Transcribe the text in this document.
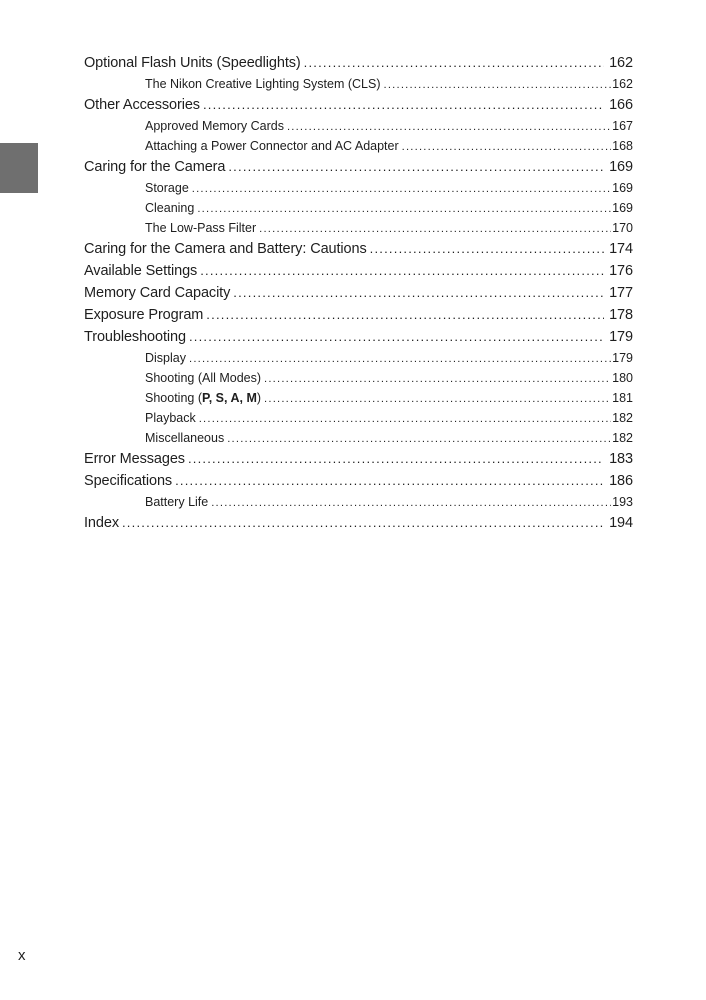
Optional Flash Units (Speedlights) .....	162
The Nikon Creative Lighting System (CLS) .....	162
Other Accessories .....	166
Approved Memory Cards .....	167
Attaching a Power Connector and AC Adapter .....	168
Caring for the Camera .....	169
Storage .....	169
Cleaning .....	169
The Low-Pass Filter .....	170
Caring for the Camera and Battery: Cautions .....	174
Available Settings .....	176
Memory Card Capacity .....	177
Exposure Program .....	178
Troubleshooting .....	179
Display .....	179
Shooting (All Modes) .....	180
Shooting (P, S, A, M) .....	181
Playback .....	182
Miscellaneous .....	182
Error Messages .....	183
Specifications .....	186
Battery Life .....	193
Index .....	194
x
